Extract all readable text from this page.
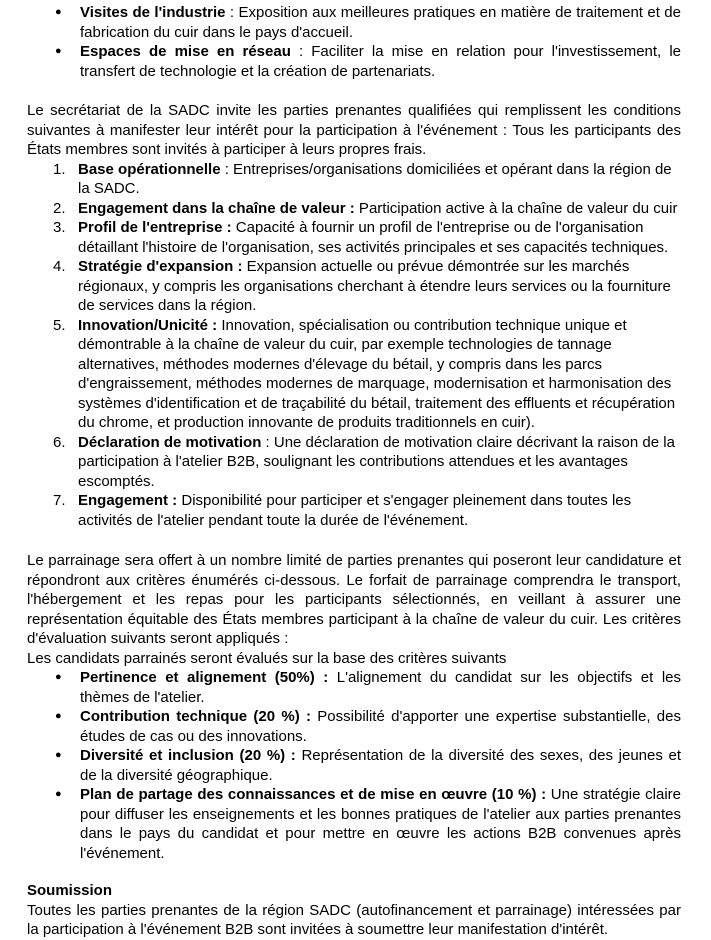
● Visites de l'industrie : Exposition aux meilleures pratiques en matière de traitement et de fabrication du cuir dans le pays d'accueil.
● Espaces de mise en réseau : Faciliter la mise en relation pour l'investissement, le transfert de technologie et la création de partenariats.

Le secrétariat de la SADC invite les parties prenantes qualifiées qui remplissent les conditions suivantes à manifester leur intérêt pour la participation à l'événement : Tous les participants des États membres sont invités à participer à leurs propres frais.

1. Base opérationnelle : Entreprises/organisations domiciliées et opérant dans la région de la SADC.
2. Engagement dans la chaîne de valeur : Participation active à la chaîne de valeur du cuir
3. Profil de l'entreprise : Capacité à fournir un profil de l'entreprise ou de l'organisation détaillant l'histoire de l'organisation, ses activités principales et ses capacités techniques.
4. Stratégie d'expansion : Expansion actuelle ou prévue démontrée sur les marchés régionaux, y compris les organisations cherchant à étendre leurs services ou la fourniture de services dans la région.
5. Innovation/Unicité : Innovation, spécialisation ou contribution technique unique et démontrable à la chaîne de valeur du cuir, par exemple technologies de tannage alternatives, méthodes modernes d'élevage du bétail, y compris dans les parcs d'engraissement, méthodes modernes de marquage, modernisation et harmonisation des systèmes d'identification et de traçabilité du bétail, traitement des effluents et récupération du chrome, et production innovante de produits traditionnels en cuir).
6. Déclaration de motivation : Une déclaration de motivation claire décrivant la raison de la participation à l'atelier B2B, soulignant les contributions attendues et les avantages escomptés.
7. Engagement : Disponibilité pour participer et s'engager pleinement dans toutes les activités de l'atelier pendant toute la durée de l'événement.

Le parrainage sera offert à un nombre limité de parties prenantes qui poseront leur candidature et répondront aux critères énumérés ci-dessous. Le forfait de parrainage comprendra le transport, l'hébergement et les repas pour les participants sélectionnés, en veillant à assurer une représentation équitable des États membres participant à la chaîne de valeur du cuir. Les critères d'évaluation suivants seront appliqués :

Les candidats parrainés seront évalués sur la base des critères suivants

● Pertinence et alignement (50%) : L'alignement du candidat sur les objectifs et les thèmes de l'atelier.
● Contribution technique (20 %) : Possibilité d'apporter une expertise substantielle, des études de cas ou des innovations.
● Diversité et inclusion (20 %) : Représentation de la diversité des sexes, des jeunes et de la diversité géographique.
● Plan de partage des connaissances et de mise en œuvre (10 %) : Une stratégie claire pour diffuser les enseignements et les bonnes pratiques de l'atelier aux parties prenantes dans le pays du candidat et pour mettre en œuvre les actions B2B convenues après l'événement.
Soumission

Toutes les parties prenantes de la région SADC (autofinancement et parrainage) intéressées par la participation à l'événement B2B sont invitées à soumettre leur manifestation d'intérêt.
